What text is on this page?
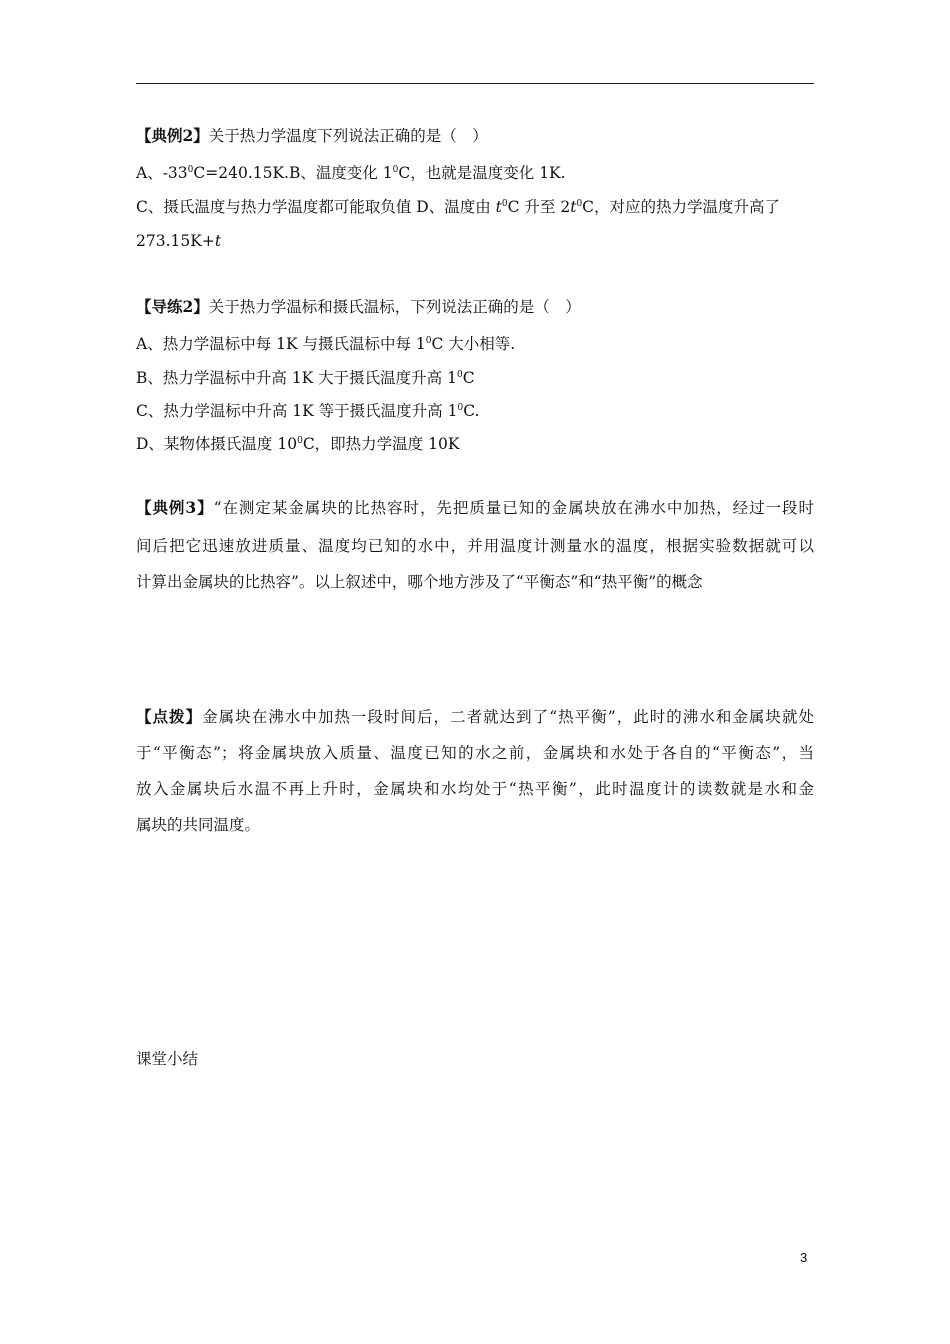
【典例2】关于热力学温度下列说法正确的是（　）
A、$-33^0C=240.15K.B$、温度变化 $1^0C$，也就是温度变化 1K.
C、摄氏温度与热力学温度都可能取负值 D、温度由 $t^0C$ 升至 $2t^0C$，对应的热力学温度升高了
273.15K+t
【导练2】关于热力学温标和摄氏温标，下列说法正确的是（　）
A、热力学温标中每 1K 与摄氏温标中每 $1^0C$ 大小相等.
B、热力学温标中升高 1K 大于摄氏温度升高 $1^0C$
C、热力学温标中升高 1K 等于摄氏温度升高 $1^0C$.
D、某物体摄氏温度 $10^0C$，即热力学温度 10K
【典例3】“在测定某金属块的比热容时，先把质量已知的金属块放在沸水中加热，经过一段时
间后把它迅速放进质量、温度均已知的水中，并用温度计测量水的温度，根据实验数据就可以
计算出金属块的比热容”。以上叙述中，哪个地方涉及了“平衡态”和“热平衡”的概念
【点拨】金属块在沸水中加热一段时间后，二者就达到了“热平衡”，此时的沸水和金属块就处
于“平衡态”；将金属块放入质量、温度已知的水之前，金属块和水处于各自的“平衡态”，当
放入金属块后水温不再上升时，金属块和水均处于“热平衡”，此时温度计的读数就是水和金
属块的共同温度。
课堂小结
3
